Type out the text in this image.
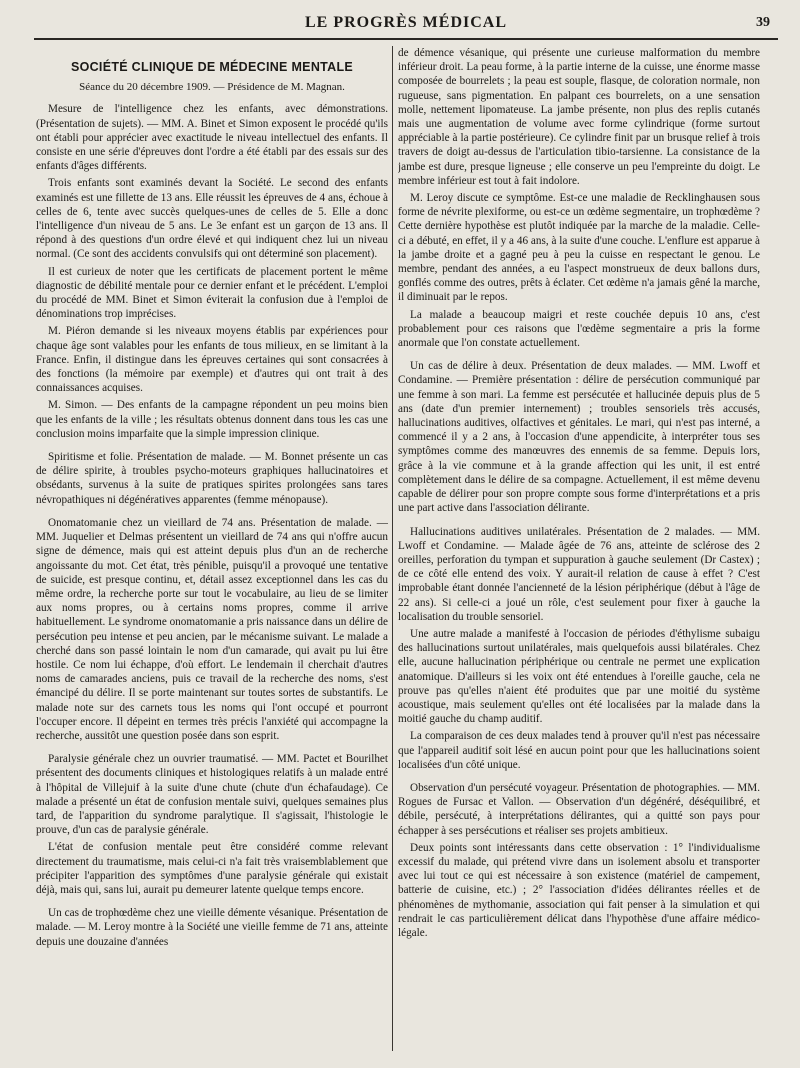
LE PROGRÈS MÉDICAL	39
SOCIÉTÉ CLINIQUE DE MÉDECINE MENTALE
Séance du 20 décembre 1909. — Présidence de M. Magnan.

Mesure de l'intelligence chez les enfants, avec démonstrations. (Présentation de sujets). — MM. A. Binet et Simon exposent le procédé qu'ils ont établi pour apprécier avec exactitude le niveau intellectuel des enfants. Il consiste en une série d'épreuves dont l'ordre a été établi par des essais sur des enfants d'âges différents.

Trois enfants sont examinés devant la Société. Le second des enfants examinés est une fillette de 13 ans. Elle réussit les épreuves de 4 ans, échoue à celles de 6, tente avec succès quelques-unes de celles de 5. Elle a donc l'intelligence d'un niveau de 5 ans. Le 3e enfant est un garçon de 13 ans. Il répond à des questions d'un ordre élevé et qui indiquent chez lui un niveau normal. (Ce sont des accidents convulsifs qui ont déterminé son placement).

Il est curieux de noter que les certificats de placement portent le même diagnostic de débilité mentale pour ce dernier enfant et le précédent. L'emploi du procédé de MM. Binet et Simon éviterait la confusion due à l'emploi de dénominations trop imprécises.

M. Piéron demande si les niveaux moyens établis par expériences pour chaque âge sont valables pour les enfants de tous milieux, en se limitant à la France. Enfin, il distingue dans les épreuves certaines qui sont consacrées à des fonctions (la mémoire par exemple) et d'autres qui ont trait à des connaissances acquises.

M. Simon. — Des enfants de la campagne répondent un peu moins bien que les enfants de la ville ; les résultats obtenus donnent dans tous les cas une conclusion moins imparfaite que la simple impression clinique.

Spiritisme et folie. Présentation de malade. — M. Bonnet présente un cas de délire spirite, à troubles psycho-moteurs graphiques hallucinatoires et obsédants, survenus à la suite de pratiques spirites prolongées sans tares névropathiques ni dégénératives apparentes (femme ménopause).

Onomatomanie chez un vieillard de 74 ans. Présentation de malade. — MM. Juquelier et Delmas présentent un vieillard de 74 ans qui n'offre aucun signe de démence, mais qui est atteint depuis plus d'un an de recherche angoissante du mot. Cet état, très pénible, puisqu'il a provoqué une tentative de suicide, est presque continu, et, détail assez exceptionnel dans les cas du même ordre, la recherche porte sur tout le vocabulaire, au lieu de se limiter aux noms propres, ou à certains noms propres, comme il arrive habituellement. Le syndrome onomatomanie a pris naissance dans un délire de persécution peu intense et peu ancien, par le mécanisme suivant. Le malade a cherché dans son passé lointain le nom d'un camarade, qui avait pu lui être hostile. Ce nom lui échappe, d'où effort. Le lendemain il cherchait d'autres noms de camarades anciens, puis ce travail de la recherche des noms, s'est émancipé du délire. Il se porte maintenant sur toutes sortes de substantifs. Le malade note sur des carnets tous les noms qui l'ont occupé et pourront l'occuper encore. Il dépeint en termes très précis l'anxiété qui accompagne la recherche, aussitôt une question posée dans son esprit.

Paralysie générale chez un ouvrier traumatisé. — MM. Pactet et Bourilhet présentent des documents cliniques et histologiques relatifs à un malade entré à l'hôpital de Villejuif à la suite d'une chute (chute d'un échafaudage). Ce malade a présenté un état de confusion mentale suivi, quelques semaines plus tard, de l'apparition du syndrome paralytique. Il s'agissait, l'histologie le prouve, d'un cas de paralysie générale.

L'état de confusion mentale peut être considéré comme relevant directement du traumatisme, mais celui-ci n'a fait très vraisemblablement que précipiter l'apparition des symptômes d'une paralysie générale qui existait déjà, mais qui, sans lui, aurait pu demeurer latente quelque temps encore.

Un cas de trophœdème chez une vieille démente vésanique. Présentation de malade. — M. Leroy montre à la Société une vieille femme de 71 ans, atteinte depuis une douzaine d'années

de démence vésanique, qui présente une curieuse malformation du membre inférieur droit. La peau forme, à la partie interne de la cuisse, une énorme masse composée de bourrelets ; la peau est souple, flasque, de coloration normale, non rugueuse, sans pigmentation. En palpant ces bourrelets, on a une sensation molle, nettement lipomateuse. La jambe présente, non plus des replis cutanés mais une augmentation de volume avec forme cylindrique (forme surtout appréciable à la partie postérieure). Ce cylindre finit par un brusque relief à trois travers de doigt au-dessus de l'articulation tibio-tarsienne. La consistance de la jambe est dure, presque ligneuse ; elle conserve un peu l'empreinte du doigt. Le membre inférieur est tout à fait indolore.

M. Leroy discute ce symptôme. Est-ce une maladie de Recklinghausen sous forme de névrite plexiforme, ou est-ce un œdème segmentaire, un trophœdème ? Cette dernière hypothèse est plutôt indiquée par la marche de la maladie. Celle-ci a débuté, en effet, il y a 46 ans, à la suite d'une couche. L'enflure est apparue à la jambe droite et a gagné peu à peu la cuisse en respectant le genou. Le membre, pendant des années, a eu l'aspect monstrueux de deux ballons durs, gonflés comme des outres, prêts à éclater. Cet œdème n'a jamais gêné la marche, il diminuait par le repos.

La malade a beaucoup maigri et reste couchée depuis 10 ans, c'est probablement pour ces raisons que l'œdème segmentaire a pris la forme anormale que l'on constate actuellement.

Un cas de délire à deux. Présentation de deux malades. — MM. Lwoff et Condamine. — Première présentation : délire de persécution communiqué par une femme à son mari. La femme est persécutée et hallucinée depuis plus de 5 ans (date d'un premier internement) ; troubles sensoriels très accusés, hallucinations auditives, olfactives et génitales. Le mari, qui n'est pas interné, a commencé il y a 2 ans, à l'occasion d'une appendicite, à interpréter tous ses symptômes comme des manœuvres des ennemis de sa femme. Depuis lors, grâce à la vie commune et à la grande affection qui les unit, il est entré complètement dans le délire de sa compagne. Actuellement, il est même devenu capable de délirer pour son propre compte sous forme d'interprétations et a pris une part active dans l'association délirante.

Hallucinations auditives unilatérales. Présentation de 2 malades. — MM. Lwoff et Condamine. — Malade âgée de 76 ans, atteinte de sclérose des 2 oreilles, perforation du tympan et suppuration à gauche seulement (Dr Castex) ; de ce côté elle entend des voix. Y aurait-il relation de cause à effet ? C'est improbable étant donnée l'ancienneté de la lésion périphérique (début à l'âge de 22 ans). Si celle-ci a joué un rôle, c'est seulement pour fixer à gauche la localisation du trouble sensoriel.

Une autre malade a manifesté à l'occasion de périodes d'éthylisme subaigu des hallucinations surtout unilatérales, mais quelquefois aussi bilatérales. Chez elle, aucune hallucination périphérique ou centrale ne permet une explication anatomique. D'ailleurs si les voix ont été entendues à l'oreille gauche, cela ne prouve pas qu'elles n'aient été produites que par une moitié du système acoustique, mais seulement qu'elles ont été localisées par la malade dans la moitié gauche du champ auditif.

La comparaison de ces deux malades tend à prouver qu'il n'est pas nécessaire que l'appareil auditif soit lésé en aucun point pour que les hallucinations soient localisées d'un côté unique.

Observation d'un persécuté voyageur. Présentation de photographies. — MM. Rogues de Fursac et Vallon. — Observation d'un dégénéré, déséquilibré, et débile, persécuté, à interprétations délirantes, qui a quitté son pays pour échapper à ses persécutions et réaliser ses projets ambitieux.

Deux points sont intéressants dans cette observation : 1° l'individualisme excessif du malade, qui prétend vivre dans un isolement absolu et transporter avec lui tout ce qui est nécessaire à son existence (matériel de campement, batterie de cuisine, etc.) ; 2° l'association d'idées délirantes réelles et de phénomènes de mythomanie, association qui fait penser à la simulation et qui rendrait le cas particulièrement délicat dans l'hypothèse d'une affaire médico-légale.
